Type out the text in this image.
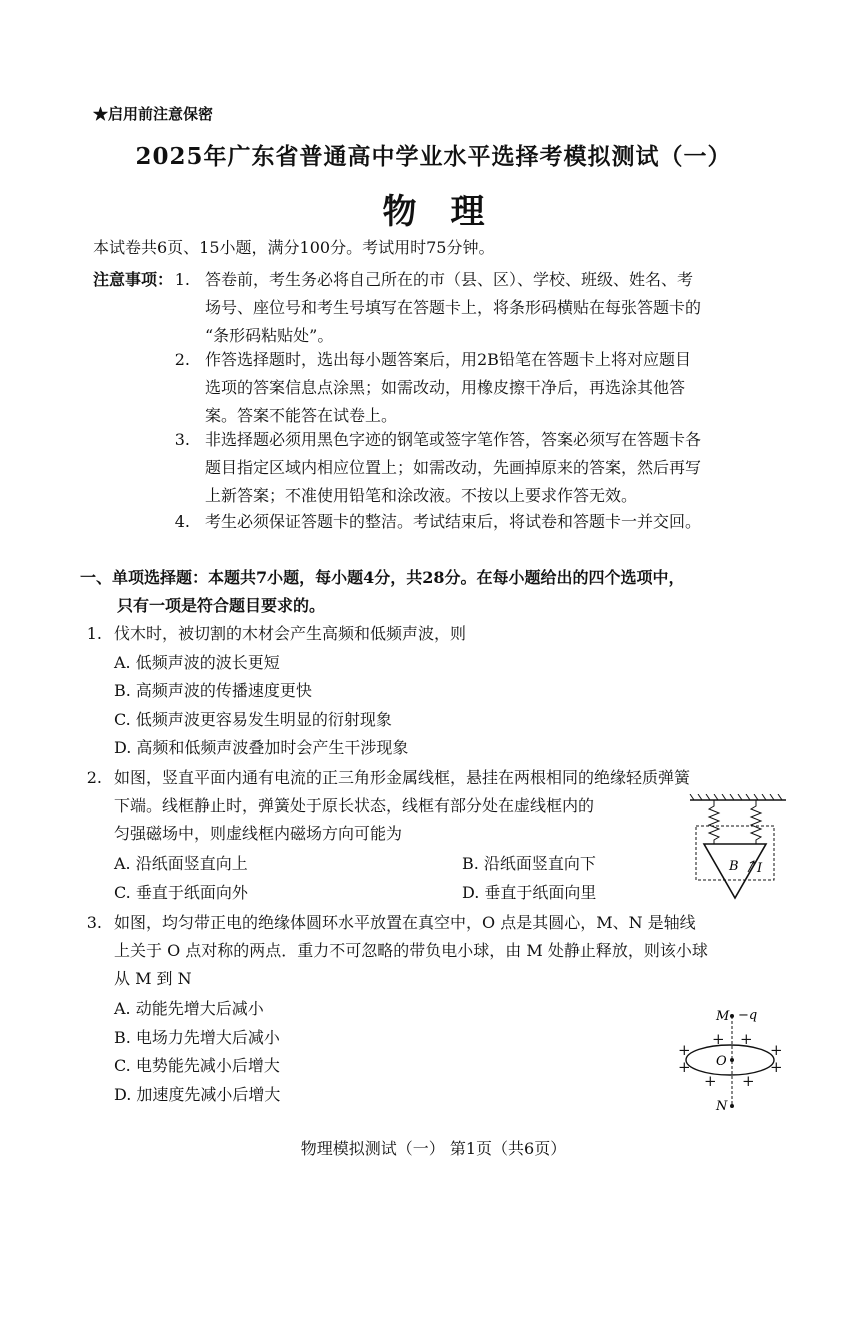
★启用前注意保密
2025年广东省普通高中学业水平选择考模拟测试（一）
物理
本试卷共6页、15小题，满分100分。考试用时75分钟。
注意事项： 1. 答卷前，考生务必将自己所在的市（县、区）、学校、班级、姓名、考
场号、座位号和考生号填写在答题卡上，将条形码横贴在每张答题卡的
“条形码粘贴处”。
2. 作答选择题时，选出每小题答案后，用2B铅笔在答题卡上将对应题目
选项的答案信息点涂黑；如需改动，用橡皮擦干净后，再选涂其他答
案。答案不能答在试卷上。
3. 非选择题必须用黑色字迹的钢笔或签字笔作答，答案必须写在答题卡各
题目指定区域内相应位置上；如需改动，先画掉原来的答案，然后再写
上新答案；不准使用铅笔和涂改液。不按以上要求作答无效。
4. 考生必须保证答题卡的整洁。考试结束后，将试卷和答题卡一并交回。
一、单项选择题：本题共7小题，每小题4分，共28分。在每小题给出的四个选项中，
只有一项是符合题目要求的。
1. 伐木时，被切割的木材会产生高频和低频声波，则
A. 低频声波的波长更短
B. 高频声波的传播速度更快
C. 低频声波更容易发生明显的衍射现象
D. 高频和低频声波叠加时会产生干涉现象
2. 如图，竖直平面内通有电流的正三角形金属线框，悬挂在两根相同的绝缘轻质弹簧
下端。线框静止时，弹簧处于原长状态，线框有部分处在虚线框内的
匀强磁场中，则虚线框内磁场方向可能为
A. 沿纸面竖直向上	B. 沿纸面竖直向下
C. 垂直于纸面向外	D. 垂直于纸面向里
B I
3. 如图，均匀带正电的绝缘体圆环水平放置在真空中，O 点是其圆心，M、N 是轴线
上关于 O 点对称的两点．重力不可忽略的带负电小球，由 M 处静止释放，则该小球
从 M 到 N
A. 动能先增大后减小
B. 电场力先增大后减小
C. 电势能先减小后增大
D. 加速度先减小后增大
M −q
O
N
+	+
+ +
+	+
+ +
物理模拟测试（一） 第1页（共6页）
